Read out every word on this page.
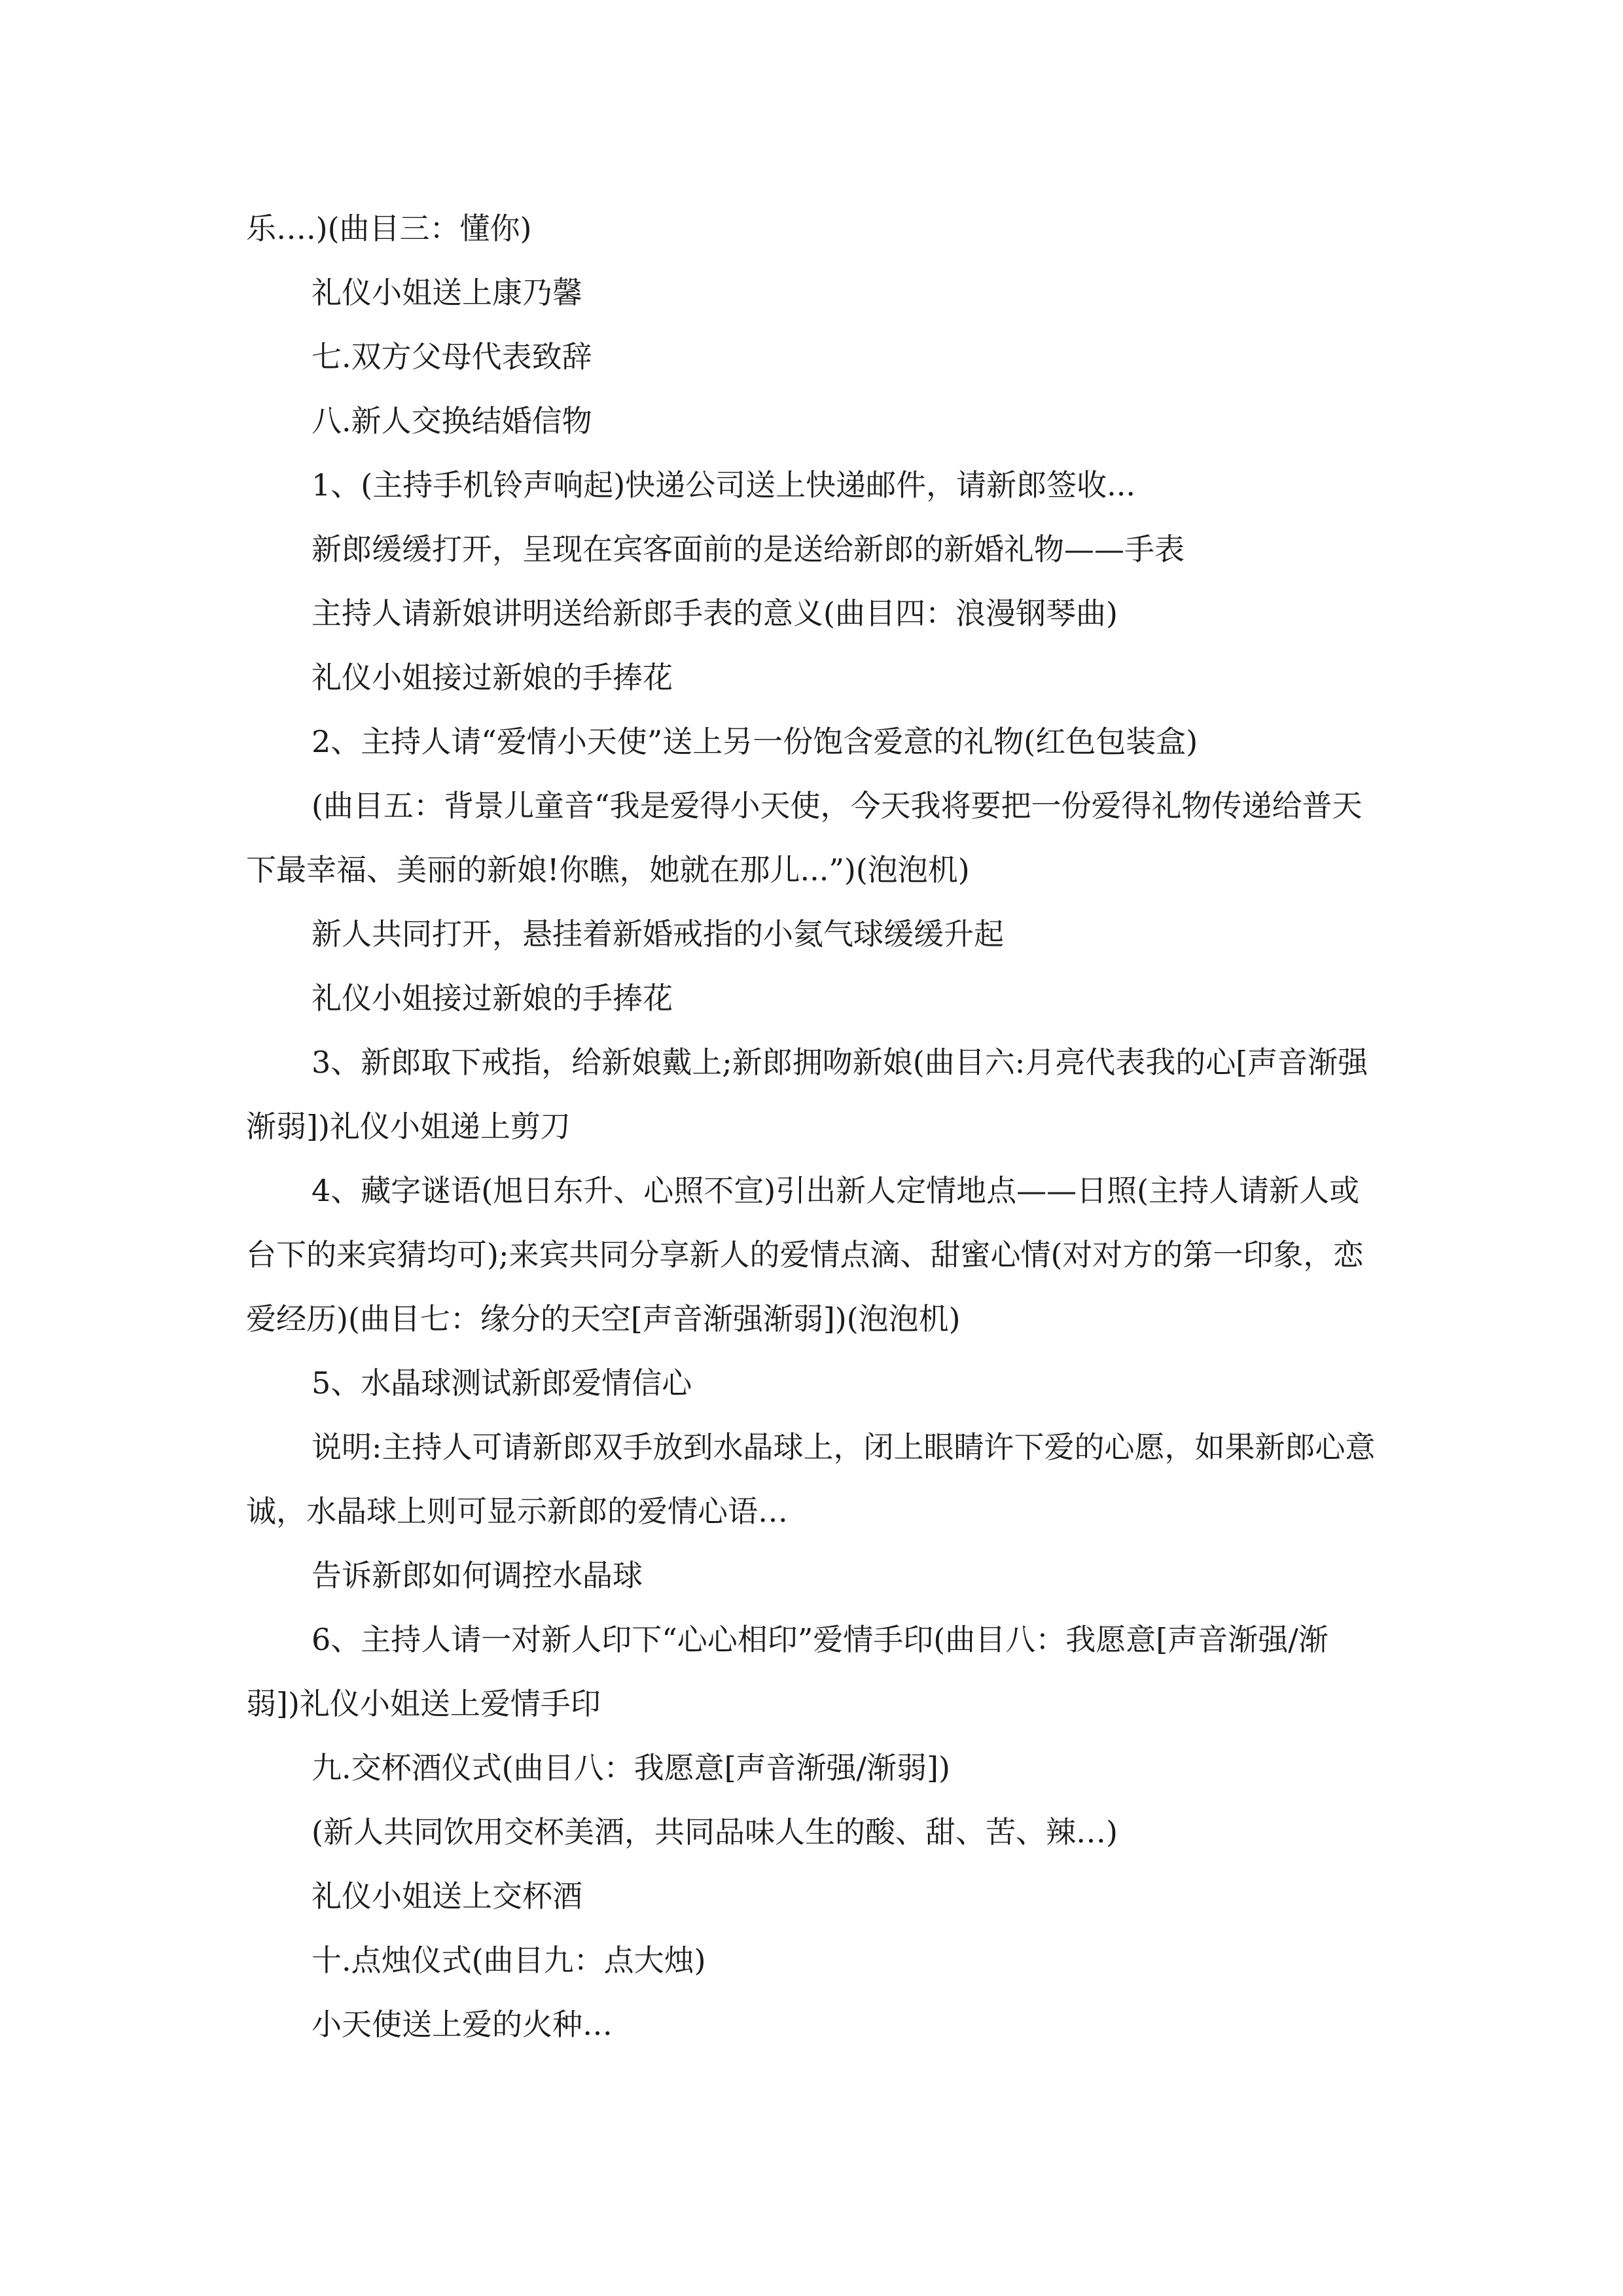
乐….)(曲目三：懂你)

礼仪小姐送上康乃馨

七.双方父母代表致辞

八.新人交换结婚信物

1、(主持手机铃声响起)快递公司送上快递邮件，请新郎签收...

新郎缓缓打开，呈现在宾客面前的是送给新郎的新婚礼物——手表

主持人请新娘讲明送给新郎手表的意义(曲目四：浪漫钢琴曲)

礼仪小姐接过新娘的手捧花

2、主持人请“爱情小天使”送上另一份饱含爱意的礼物(红色包装盒)

(曲目五：背景儿童音“我是爱得小天使，今天我将要把一份爱得礼物传递给普天下最幸福、美丽的新娘!你瞧，她就在那儿...”)(泡泡机)

新人共同打开，悬挂着新婚戒指的小氦气球缓缓升起

礼仪小姐接过新娘的手捧花

3、新郎取下戒指，给新娘戴上;新郎拥吻新娘(曲目六:月亮代表我的心[声音渐强渐弱])礼仪小姐递上剪刀

4、藏字谜语(旭日东升、心照不宣)引出新人定情地点——日照(主持人请新人或台下的来宾猜均可);来宾共同分享新人的爱情点滴、甜蜜心情(对对方的第一印象，恋爱经历)(曲目七：缘分的天空[声音渐强渐弱])(泡泡机)

5、水晶球测试新郎爱情信心

说明:主持人可请新郎双手放到水晶球上，闭上眼睛许下爱的心愿，如果新郎心意诚，水晶球上则可显示新郎的爱情心语…

告诉新郎如何调控水晶球

6、主持人请一对新人印下“心心相印”爱情手印(曲目八：我愿意[声音渐强/渐弱])礼仪小姐送上爱情手印

九.交杯酒仪式(曲目八：我愿意[声音渐强/渐弱])

(新人共同饮用交杯美酒，共同品味人生的酸、甜、苦、辣…)

礼仪小姐送上交杯酒

十.点烛仪式(曲目九：点大烛)

小天使送上爱的火种…
